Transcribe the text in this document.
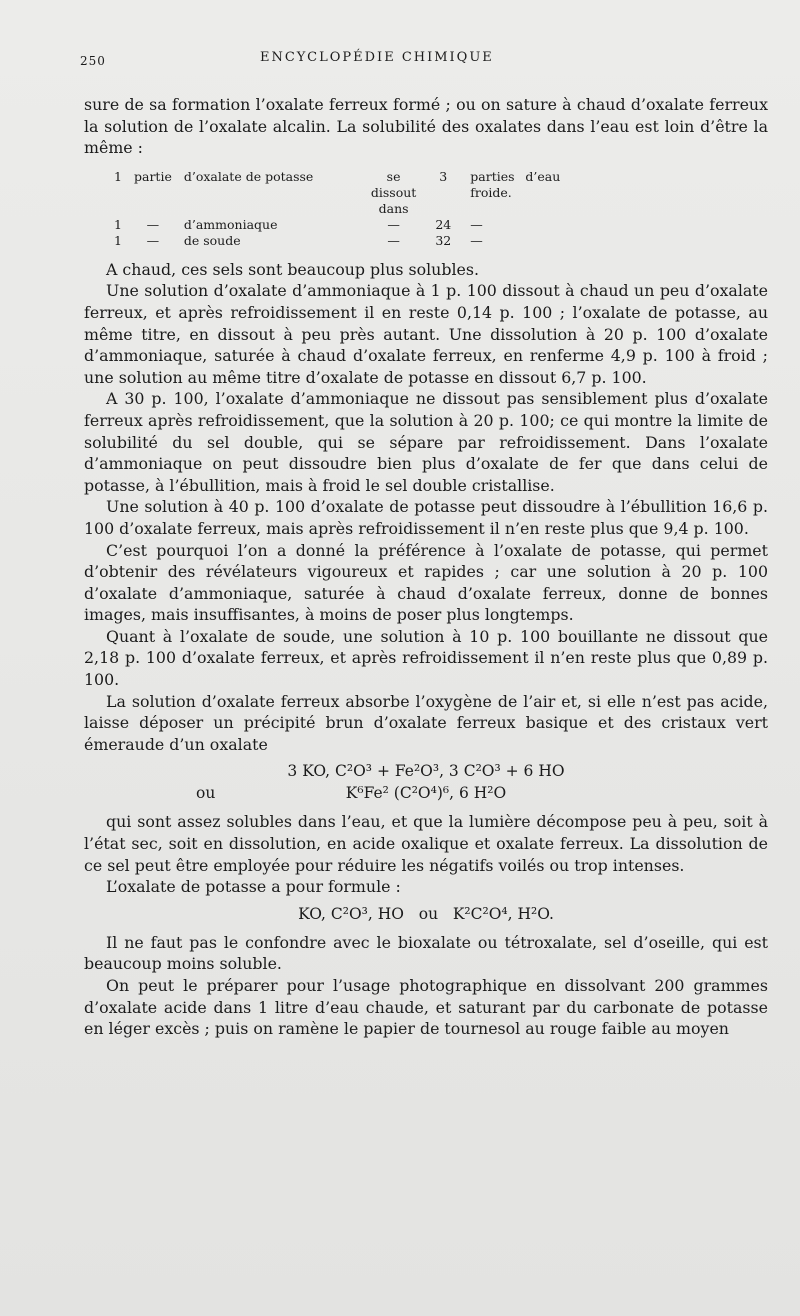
250	ENCYCLOPÉDIE CHIMIQUE

sure de sa formation l’oxalate ferreux formé ; ou on sature à chaud d’oxalate ferreux la solution de l’oxalate alcalin. La solubilité des oxalates dans l’eau est loin d’être la même :

1	partie	d’oxalate de potasse	se dissout dans	3	parties d’eau froide.
1	—	d’ammoniaque	—	24	—
1	—	de soude	—	32	—

A chaud, ces sels sont beaucoup plus solubles.

Une solution d’oxalate d’ammoniaque à 1 p. 100 dissout à chaud un peu d’oxalate ferreux, et après refroidissement il en reste 0,14 p. 100 ; l’oxalate de potasse, au même titre, en dissout à peu près autant. Une dissolution à 20 p. 100 d’oxalate d’ammoniaque, saturée à chaud d’oxalate ferreux, en renferme 4,9 p. 100 à froid ; une solution au même titre d’oxalate de potasse en dissout 6,7 p. 100.

A 30 p. 100, l’oxalate d’ammoniaque ne dissout pas sensiblement plus d’oxalate ferreux après refroidissement, que la solution à 20 p. 100; ce qui montre la limite de solubilité du sel double, qui se sépare par refroidissement. Dans l’oxalate d’ammoniaque on peut dissoudre bien plus d’oxalate de fer que dans celui de potasse, à l’ébullition, mais à froid le sel double cristallise.

Une solution à 40 p. 100 d’oxalate de potasse peut dissoudre à l’ébullition 16,6 p. 100 d’oxalate ferreux, mais après refroidissement il n’en reste plus que 9,4 p. 100.

C’est pourquoi l’on a donné la préférence à l’oxalate de potasse, qui permet d’obtenir des révélateurs vigoureux et rapides ; car une solution à 20 p. 100 d’oxalate d’ammoniaque, saturée à chaud d’oxalate ferreux, donne de bonnes images, mais insuffisantes, à moins de poser plus longtemps.

Quant à l’oxalate de soude, une solution à 10 p. 100 bouillante ne dissout que 2,18 p. 100 d’oxalate ferreux, et après refroidissement il n’en reste plus que 0,89 p. 100.

La solution d’oxalate ferreux absorbe l’oxygène de l’air et, si elle n’est pas acide, laisse déposer un précipité brun d’oxalate ferreux basique et des cristaux vert émeraude d’un oxalate

3 KO, C²O³ + Fe²O³, 3 C²O³ + 6 HO
ou	K⁶Fe² (C²O⁴)⁶, 6 H²O

qui sont assez solubles dans l’eau, et que la lumière décompose peu à peu, soit à l’état sec, soit en dissolution, en acide oxalique et oxalate ferreux. La dissolution de ce sel peut être employée pour réduire les négatifs voilés ou trop intenses.

L’oxalate de potasse a pour formule :

KO, C²O³, HO   ou   K²C²O⁴, H²O.

Il ne faut pas le confondre avec le bioxalate ou tétroxalate, sel d’oseille, qui est beaucoup moins soluble.

On peut le préparer pour l’usage photographique en dissolvant 200 grammes d’oxalate acide dans 1 litre d’eau chaude, et saturant par du carbonate de potasse en léger excès ; puis on ramène le papier de tournesol au rouge faible au moyen
